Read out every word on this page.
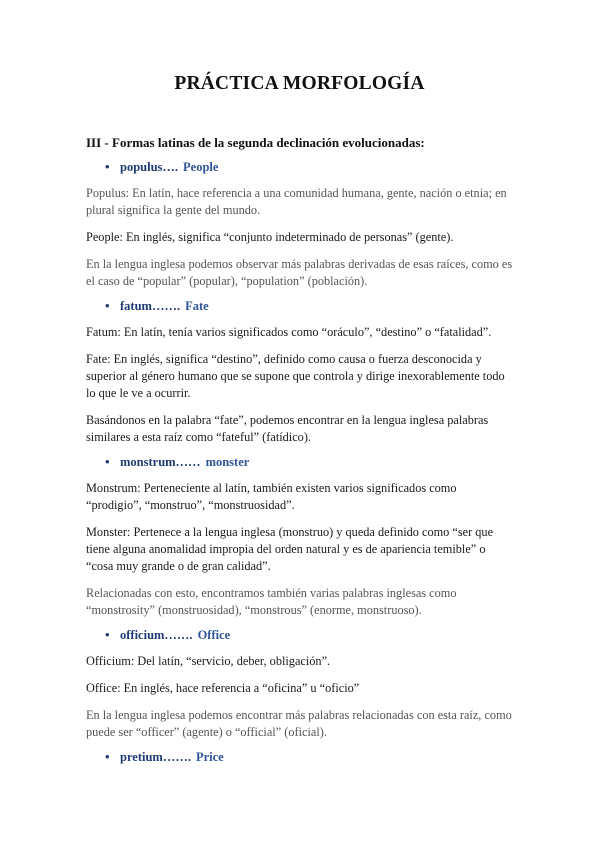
PRÁCTICA MORFOLOGÍA

III - Formas latinas de la segunda declinación evolucionadas:

• populus…. People

Populus: En latín, hace referencia a una comunidad humana, gente, nación o etnia; en plural significa la gente del mundo.

People: En inglés, significa “conjunto indeterminado de personas” (gente).

En la lengua inglesa podemos observar más palabras derivadas de esas raíces, como es el caso de “popular” (popular), “population” (población).

• fatum……. Fate

Fatum: En latín, tenía varios significados como “oráculo”, “destino” o “fatalidad”.

Fate: En inglés, significa “destino”, definido como causa o fuerza desconocida y superior al género humano que se supone que controla y dirige inexorablemente todo lo que le ve a ocurrir.

Basándonos en la palabra “fate”, podemos encontrar en la lengua inglesa palabras similares a esta raíz como “fateful” (fatídico).

• monstrum…… monster

Monstrum: Perteneciente al latín, también existen varios significados como “prodigio”, “monstruo”, “monstruosidad”.

Monster: Pertenece a la lengua inglesa (monstruo) y queda definido como “ser que tiene alguna anomalidad impropia del orden natural y es de apariencia temible” o “cosa muy grande o de gran calidad”.

Relacionadas con esto, encontramos también varias palabras inglesas como “monstrosity” (monstruosidad), “monstrous” (enorme, monstruoso).

• officium……. Office

Officium: Del latín, “servicio, deber, obligación”.

Office: En inglés, hace referencia a “oficina” u “oficio”

En la lengua inglesa podemos encontrar más palabras relacionadas con esta raíz, como puede ser “officer” (agente) o “official” (oficial).

• pretium……. Price
